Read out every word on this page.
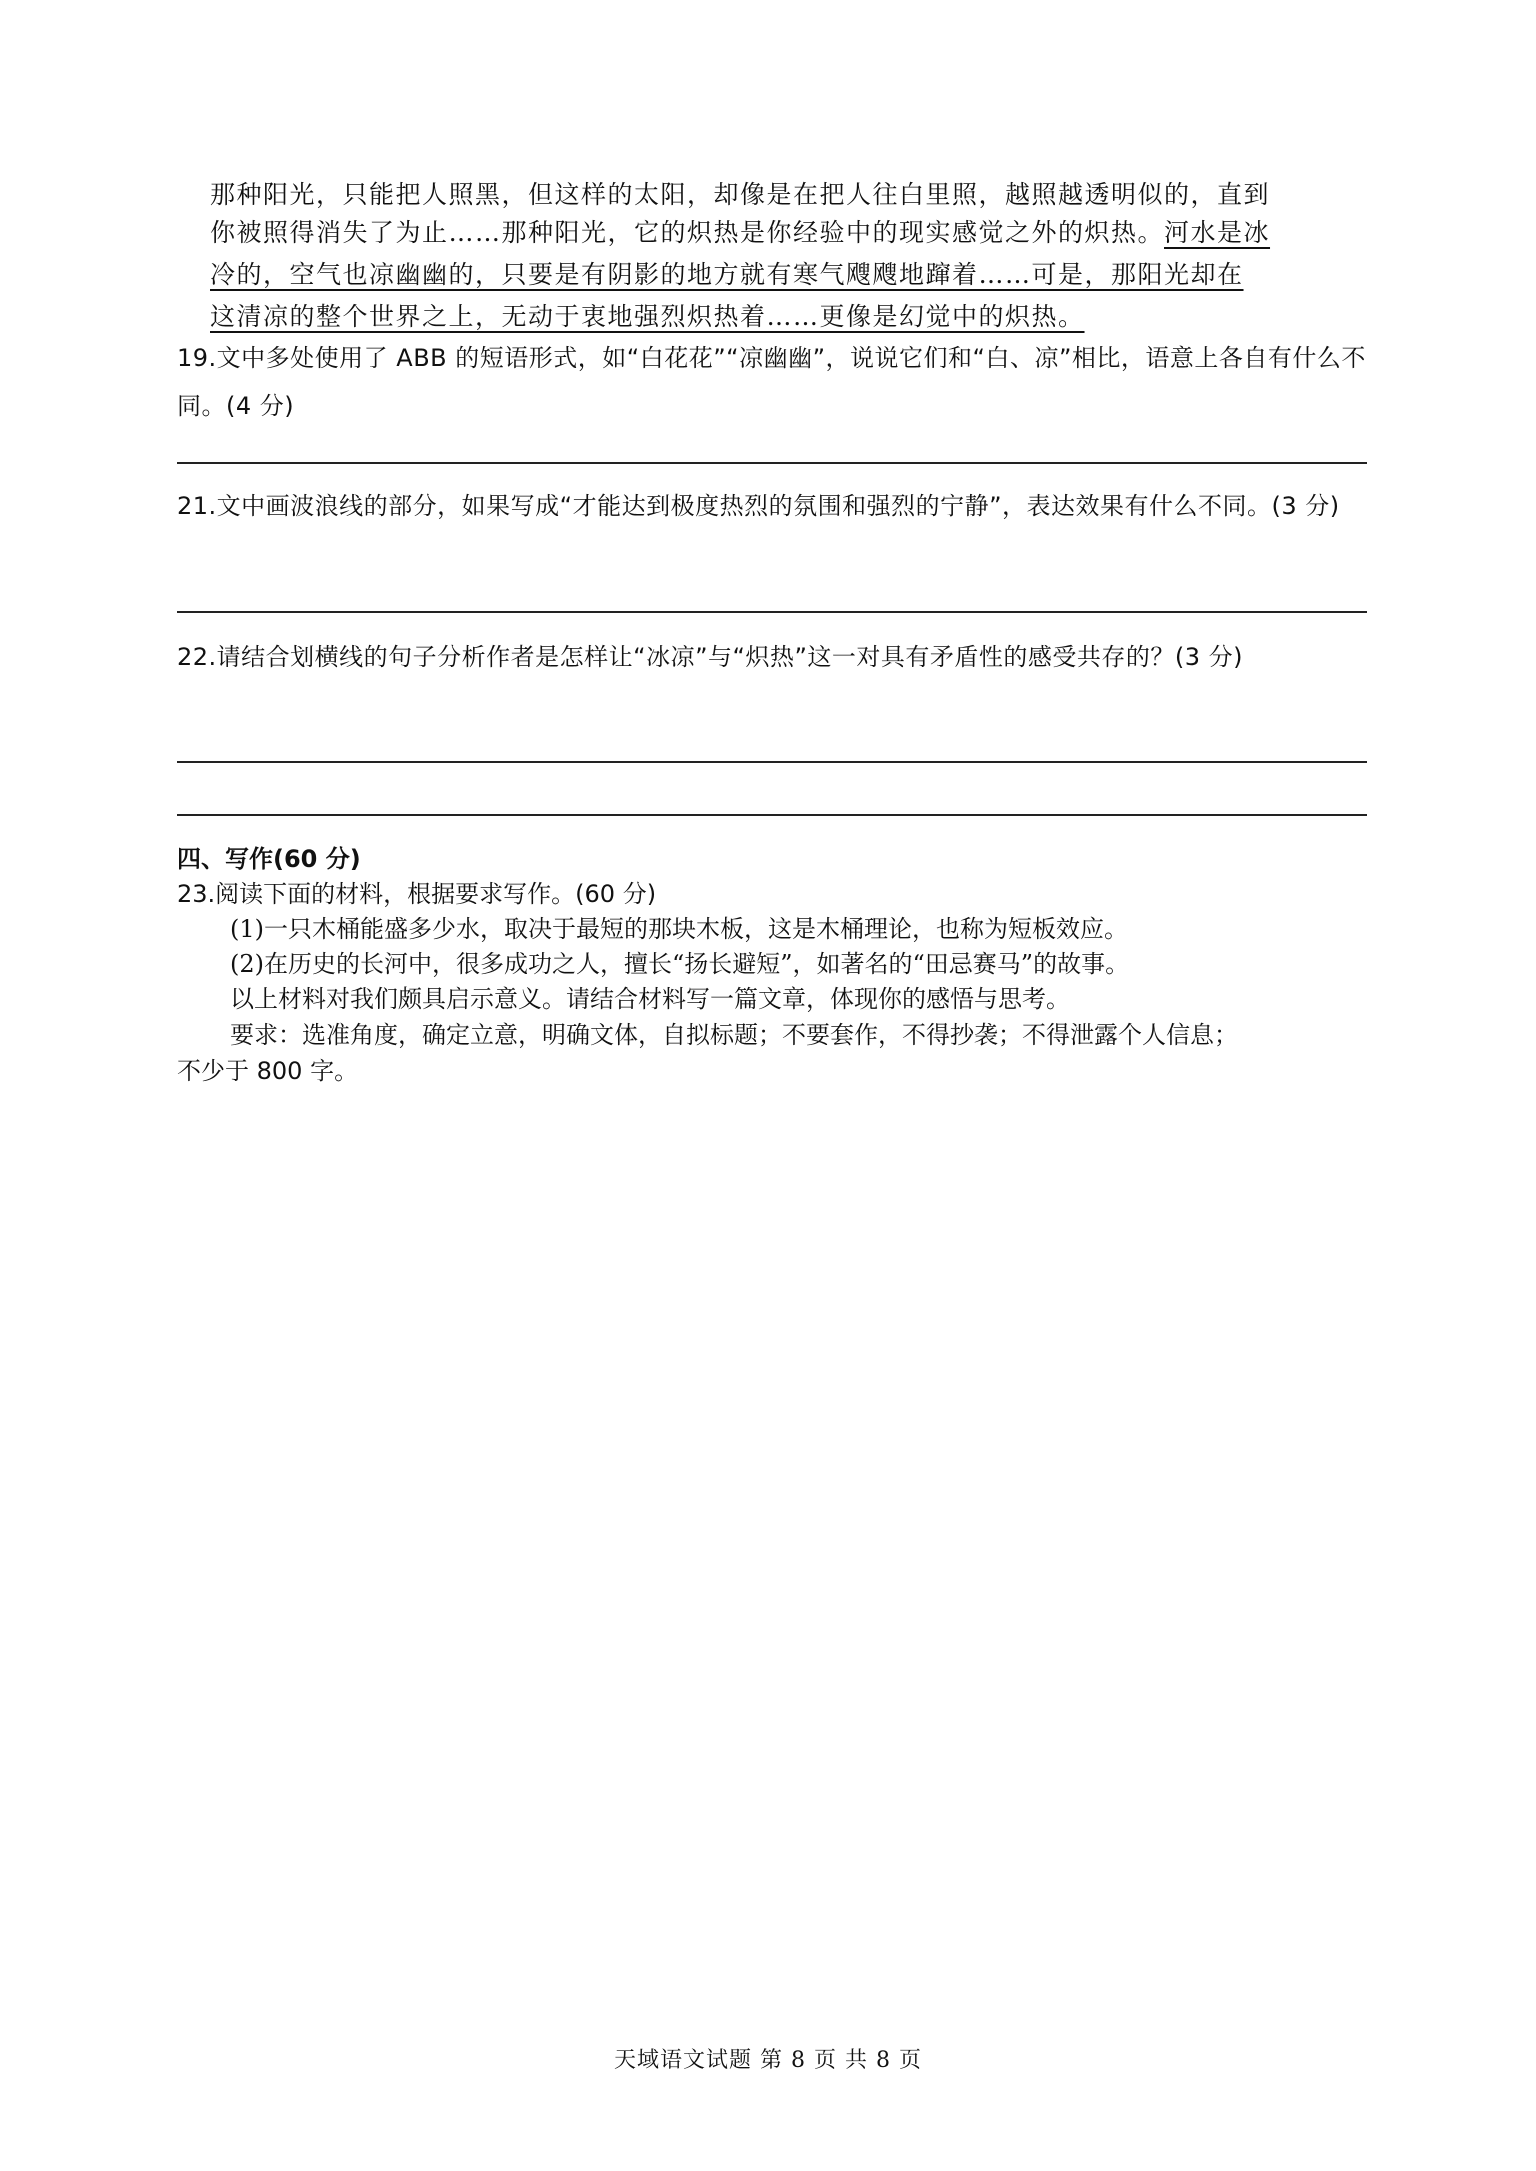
那种阳光，只能把人照黑，但这样的太阳，却像是在把人往白里照，越照越透明似的，直到
你被照得消失了为止……那种阳光，它的炽热是你经验中的现实感觉之外的炽热。河水是冰
冷的，空气也凉幽幽的，只要是有阴影的地方就有寒气飕飕地蹿着……可是，那阳光却在
这清凉的整个世界之上，无动于衷地强烈炽热着……更像是幻觉中的炽热。
19.文中多处使用了 ABB 的短语形式，如“白花花”“凉幽幽”，说说它们和“白、凉”相比，语意上各自有什么不同。(4 分)
21.文中画波浪线的部分，如果写成“才能达到极度热烈的氛围和强烈的宁静”，表达效果有什么不同。(3 分)
22.请结合划横线的句子分析作者是怎样让“冰凉”与“炽热”这一对具有矛盾性的感受共存的？(3 分)
四、写作(60 分)
23.阅读下面的材料，根据要求写作。(60 分)
(1)一只木桶能盛多少水，取决于最短的那块木板，这是木桶理论，也称为短板效应。
(2)在历史的长河中，很多成功之人，擅长“扬长避短”，如著名的“田忌赛马”的故事。
以上材料对我们颇具启示意义。请结合材料写一篇文章，体现你的感悟与思考。
要求：选准角度，确定立意，明确文体，自拟标题；不要套作，不得抄袭；不得泄露个人信息；
不少于 800 字。
天域语文试题 第 8 页 共 8 页
